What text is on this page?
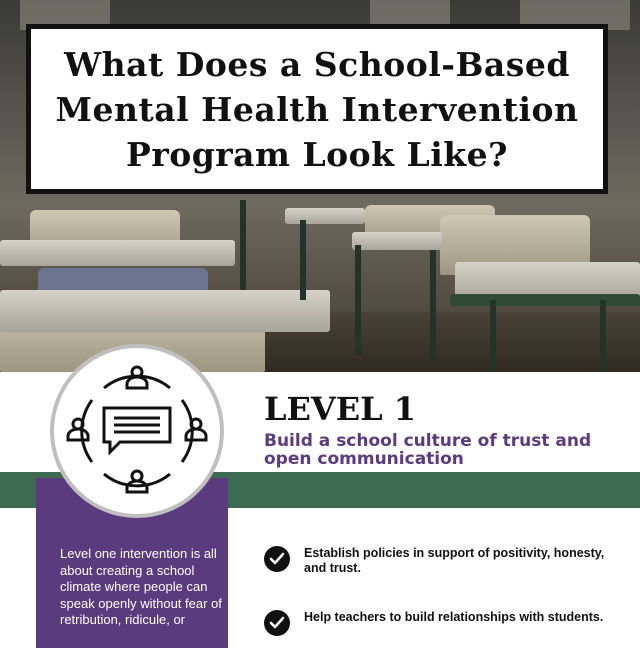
What Does a School-Based Mental Health Intervention Program Look Like?
LEVEL 1

Build a school culture of trust and open communication

Level one intervention is all about creating a school climate where people can speak openly without fear of retribution, ridicule, or

Establish policies in support of positivity, honesty, and trust.

Help teachers to build relationships with students.
